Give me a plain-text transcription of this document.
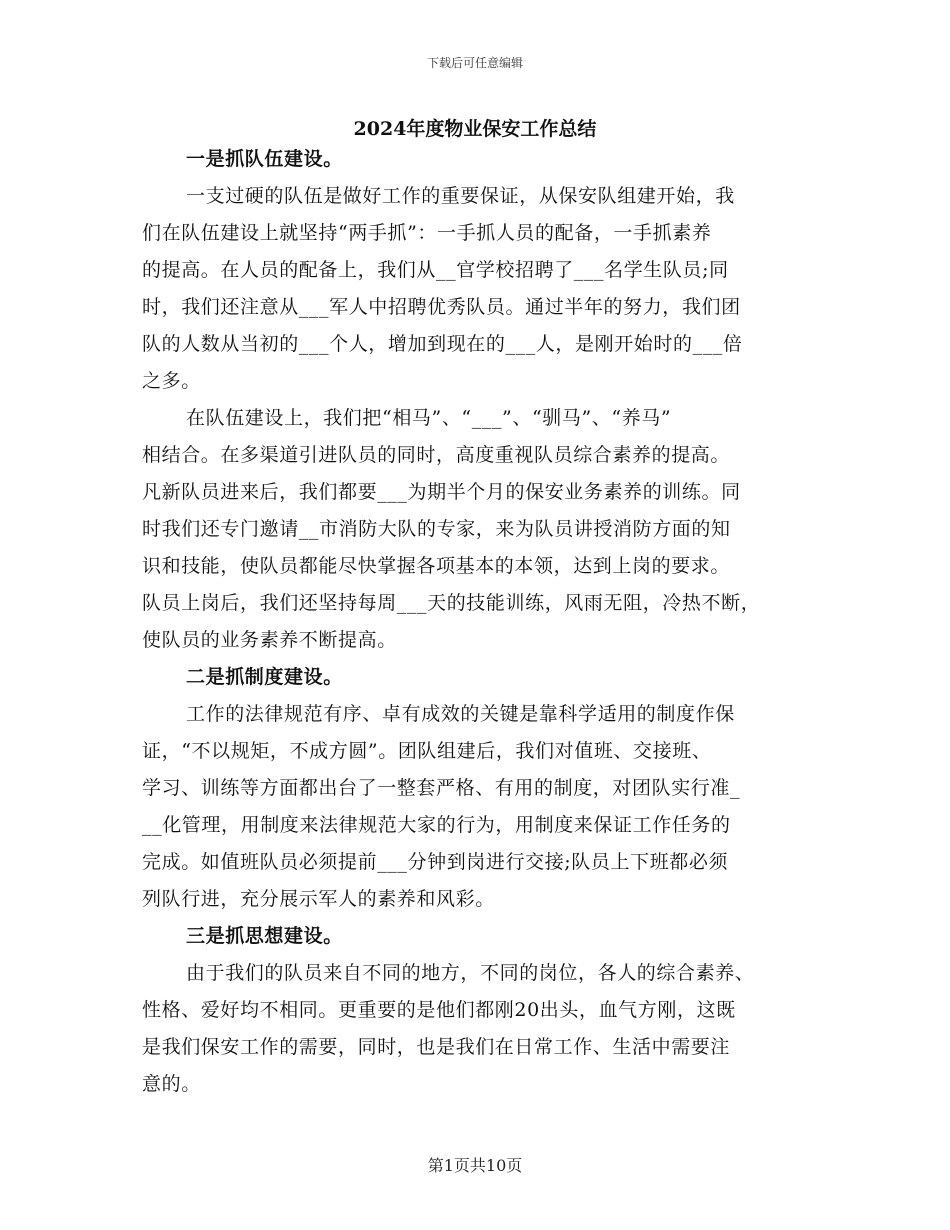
下载后可任意编辑
2024年度物业保安工作总结
一是抓队伍建设。
一支过硬的队伍是做好工作的重要保证，从保安队组建开始，我
们在队伍建设上就坚持“两手抓”：一手抓人员的配备，一手抓素养
的提高。在人员的配备上，我们从__官学校招聘了___名学生队员;同
时，我们还注意从___军人中招聘优秀队员。通过半年的努力，我们团
队的人数从当初的___个人，增加到现在的___人，是刚开始时的___倍
之多。
在队伍建设上，我们把“相马”、“___”、“驯马”、“养马”
相结合。在多渠道引进队员的同时，高度重视队员综合素养的提高。
凡新队员进来后，我们都要___为期半个月的保安业务素养的训练。同
时我们还专门邀请__市消防大队的专家，来为队员讲授消防方面的知
识和技能，使队员都能尽快掌握各项基本的本领，达到上岗的要求。
队员上岗后，我们还坚持每周___天的技能训练，风雨无阻，冷热不断，
使队员的业务素养不断提高。
二是抓制度建设。
工作的法律规范有序、卓有成效的关键是靠科学适用的制度作保
证，“不以规矩，不成方圆”。团队组建后，我们对值班、交接班、
学习、训练等方面都出台了一整套严格、有用的制度，对团队实行准_
__化管理，用制度来法律规范大家的行为，用制度来保证工作任务的
完成。如值班队员必须提前___分钟到岗进行交接;队员上下班都必须
列队行进，充分展示军人的素养和风彩。
三是抓思想建设。
由于我们的队员来自不同的地方，不同的岗位，各人的综合素养、
性格、爱好均不相同。更重要的是他们都刚20出头，血气方刚，这既
是我们保安工作的需要，同时，也是我们在日常工作、生活中需要注
意的。
第1页共10页
